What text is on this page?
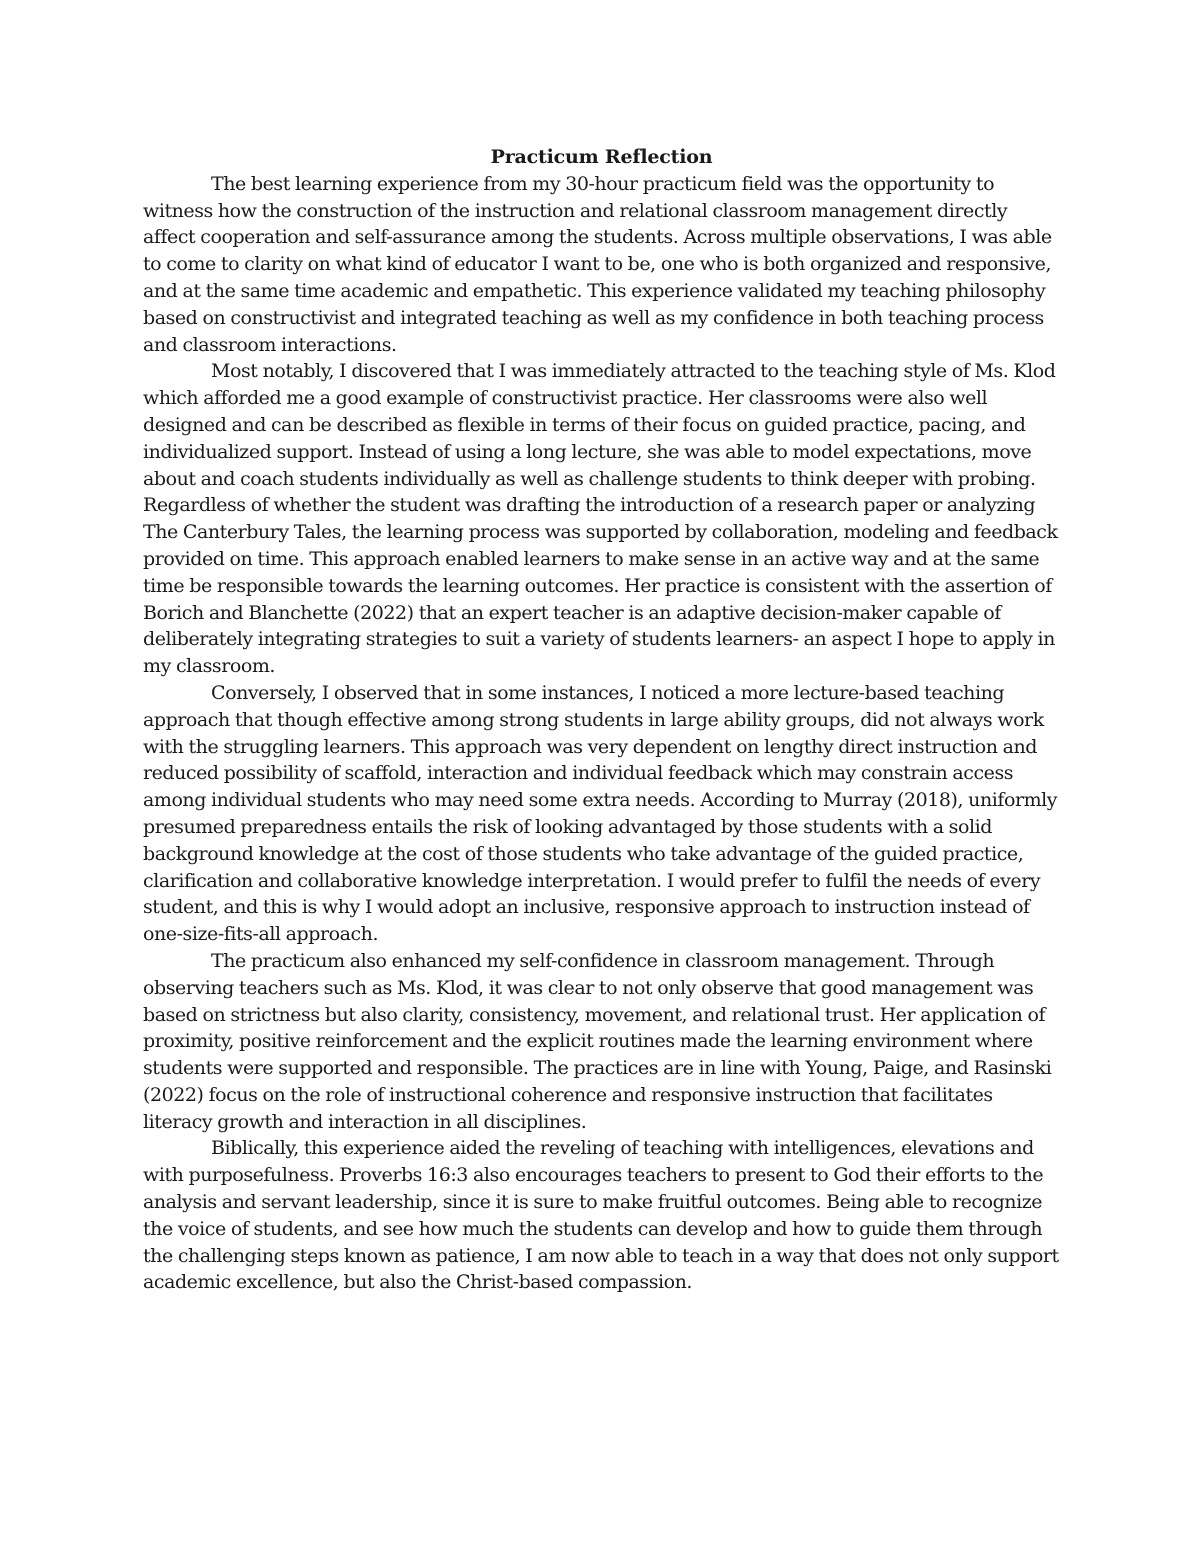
Practicum Reflection

The best learning experience from my 30-hour practicum field was the opportunity to witness how the construction of the instruction and relational classroom management directly affect cooperation and self-assurance among the students. Across multiple observations, I was able to come to clarity on what kind of educator I want to be, one who is both organized and responsive, and at the same time academic and empathetic. This experience validated my teaching philosophy based on constructivist and integrated teaching as well as my confidence in both teaching process and classroom interactions.

Most notably, I discovered that I was immediately attracted to the teaching style of Ms. Klod which afforded me a good example of constructivist practice. Her classrooms were also well designed and can be described as flexible in terms of their focus on guided practice, pacing, and individualized support. Instead of using a long lecture, she was able to model expectations, move about and coach students individually as well as challenge students to think deeper with probing. Regardless of whether the student was drafting the introduction of a research paper or analyzing The Canterbury Tales, the learning process was supported by collaboration, modeling and feedback provided on time. This approach enabled learners to make sense in an active way and at the same time be responsible towards the learning outcomes. Her practice is consistent with the assertion of Borich and Blanchette (2022) that an expert teacher is an adaptive decision-maker capable of deliberately integrating strategies to suit a variety of students learners- an aspect I hope to apply in my classroom.

Conversely, I observed that in some instances, I noticed a more lecture-based teaching approach that though effective among strong students in large ability groups, did not always work with the struggling learners. This approach was very dependent on lengthy direct instruction and reduced possibility of scaffold, interaction and individual feedback which may constrain access among individual students who may need some extra needs. According to Murray (2018), uniformly presumed preparedness entails the risk of looking advantaged by those students with a solid background knowledge at the cost of those students who take advantage of the guided practice, clarification and collaborative knowledge interpretation. I would prefer to fulfil the needs of every student, and this is why I would adopt an inclusive, responsive approach to instruction instead of one-size-fits-all approach.

The practicum also enhanced my self-confidence in classroom management. Through observing teachers such as Ms. Klod, it was clear to not only observe that good management was based on strictness but also clarity, consistency, movement, and relational trust. Her application of proximity, positive reinforcement and the explicit routines made the learning environment where students were supported and responsible. The practices are in line with Young, Paige, and Rasinski (2022) focus on the role of instructional coherence and responsive instruction that facilitates literacy growth and interaction in all disciplines.

Biblically, this experience aided the reveling of teaching with intelligences, elevations and with purposefulness. Proverbs 16:3 also encourages teachers to present to God their efforts to the analysis and servant leadership, since it is sure to make fruitful outcomes. Being able to recognize the voice of students, and see how much the students can develop and how to guide them through the challenging steps known as patience, I am now able to teach in a way that does not only support academic excellence, but also the Christ-based compassion.
